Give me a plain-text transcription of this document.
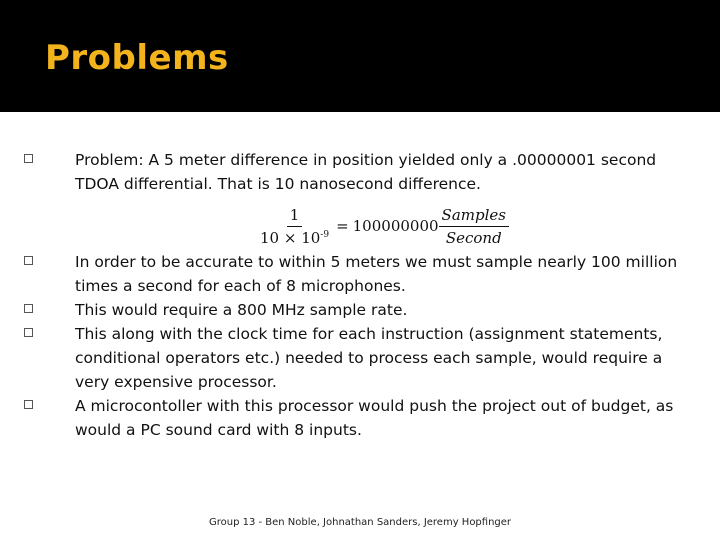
Problems
Problem: A 5 meter difference in position yielded only a .00000001 second TDOA differential. That is 10 nanosecond difference.
$\frac{1}{10 \times 10^{-9}} = 100000000 \frac{\text{Samples}}{\text{Second}}$
In order to be accurate to within 5 meters we must sample nearly 100 million times a second for each of 8 microphones.
This would require a 800 MHz sample rate.
This along with the clock time for each instruction (assignment statements, conditional operators etc.) needed to process each sample, would require a very expensive processor.
A microcontoller with this processor would push the project out of budget, as would a PC sound card with 8 inputs.
Group 13 - Ben Noble, Johnathan Sanders, Jeremy Hopfinger
